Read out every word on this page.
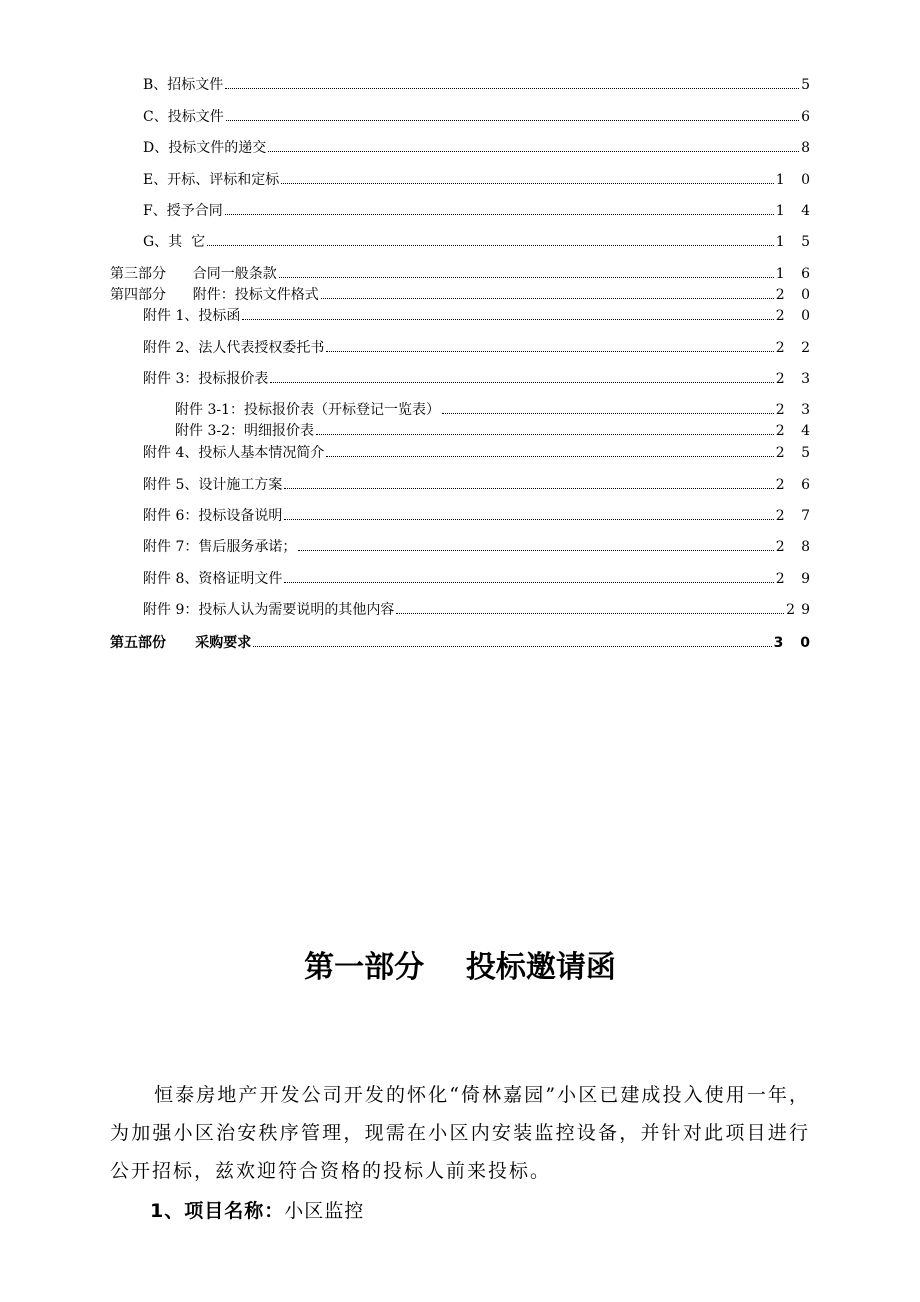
B、招标文件	5
C、投标文件	6
D、投标文件的递交	8
E、开标、评标和定标	1 0
F、授予合同	1 4
G、其  它	1 5
第三部分      合同一般条款	1 6
第四部分      附件：投标文件格式	2 0
附件 1、投标函	2 0
附件 2、法人代表授权委托书	2 2
附件 3：投标报价表	2 3
附件 3-1：投标报价表（开标登记一览表）	2 3
附件 3-2：明细报价表	2 4
附件 4、投标人基本情况简介	2 5
附件 5、设计施工方案	2 6
附件 6：投标设备说明	2 7
附件 7：售后服务承诺；	2 8
附件 8、资格证明文件	2 9
附件 9：投标人认为需要说明的其他内容	29
第五部份      采购要求	3 0
第一部分    投标邀请函
恒泰房地产开发公司开发的怀化“倚林嘉园”小区已建成投入使用一年，为加强小区治安秩序管理，现需在小区内安装监控设备，并针对此项目进行公开招标，兹欢迎符合资格的投标人前来投标。
1、项目名称：小区监控
